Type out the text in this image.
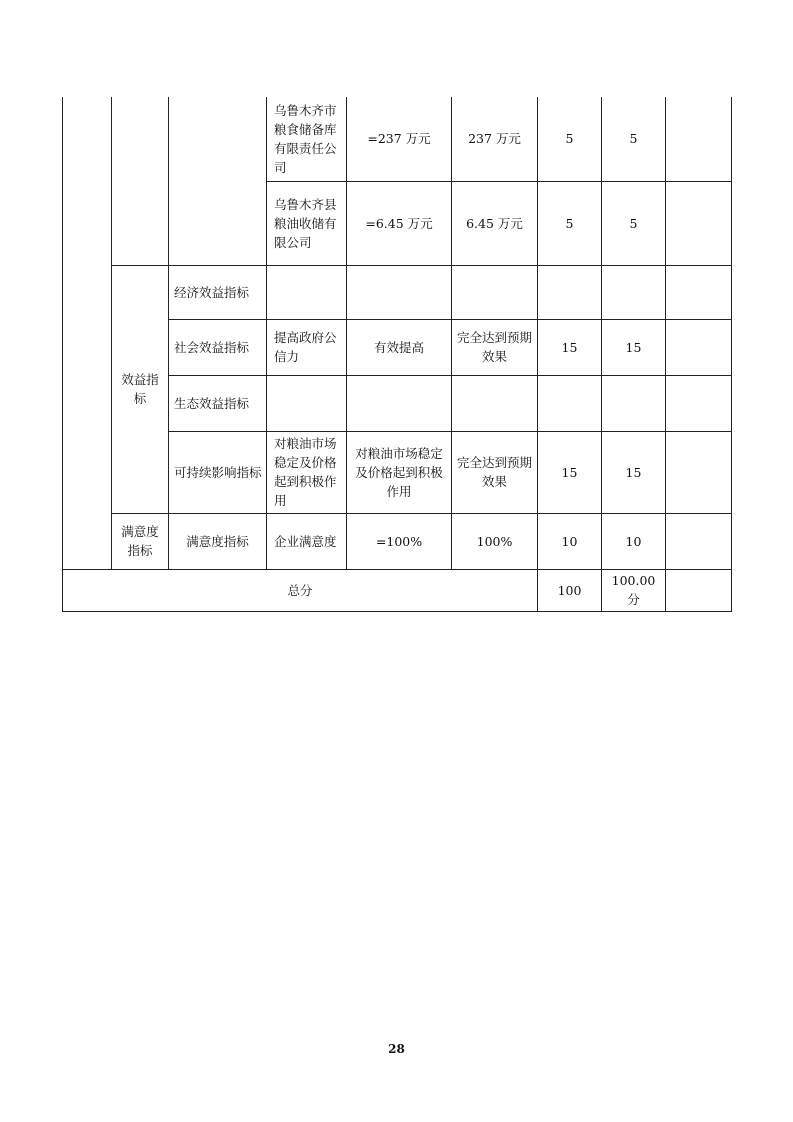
			乌鲁木齐市粮食储备库有限责任公司	=237 万元	237 万元	5	5	
			乌鲁木齐县粮油收储有限公司	=6.45 万元	6.45 万元	5	5	
	效益指标	经济效益指标						
		社会效益指标	提高政府公信力	有效提高	完全达到预期效果	15	15	
		生态效益指标						
		可持续影响指标	对粮油市场稳定及价格起到积极作用	对粮油市场稳定及价格起到积极作用	完全达到预期效果	15	15	
	满意度指标	满意度指标	企业满意度	=100%	100%	10	10	
总分						100	100.00分	
28
